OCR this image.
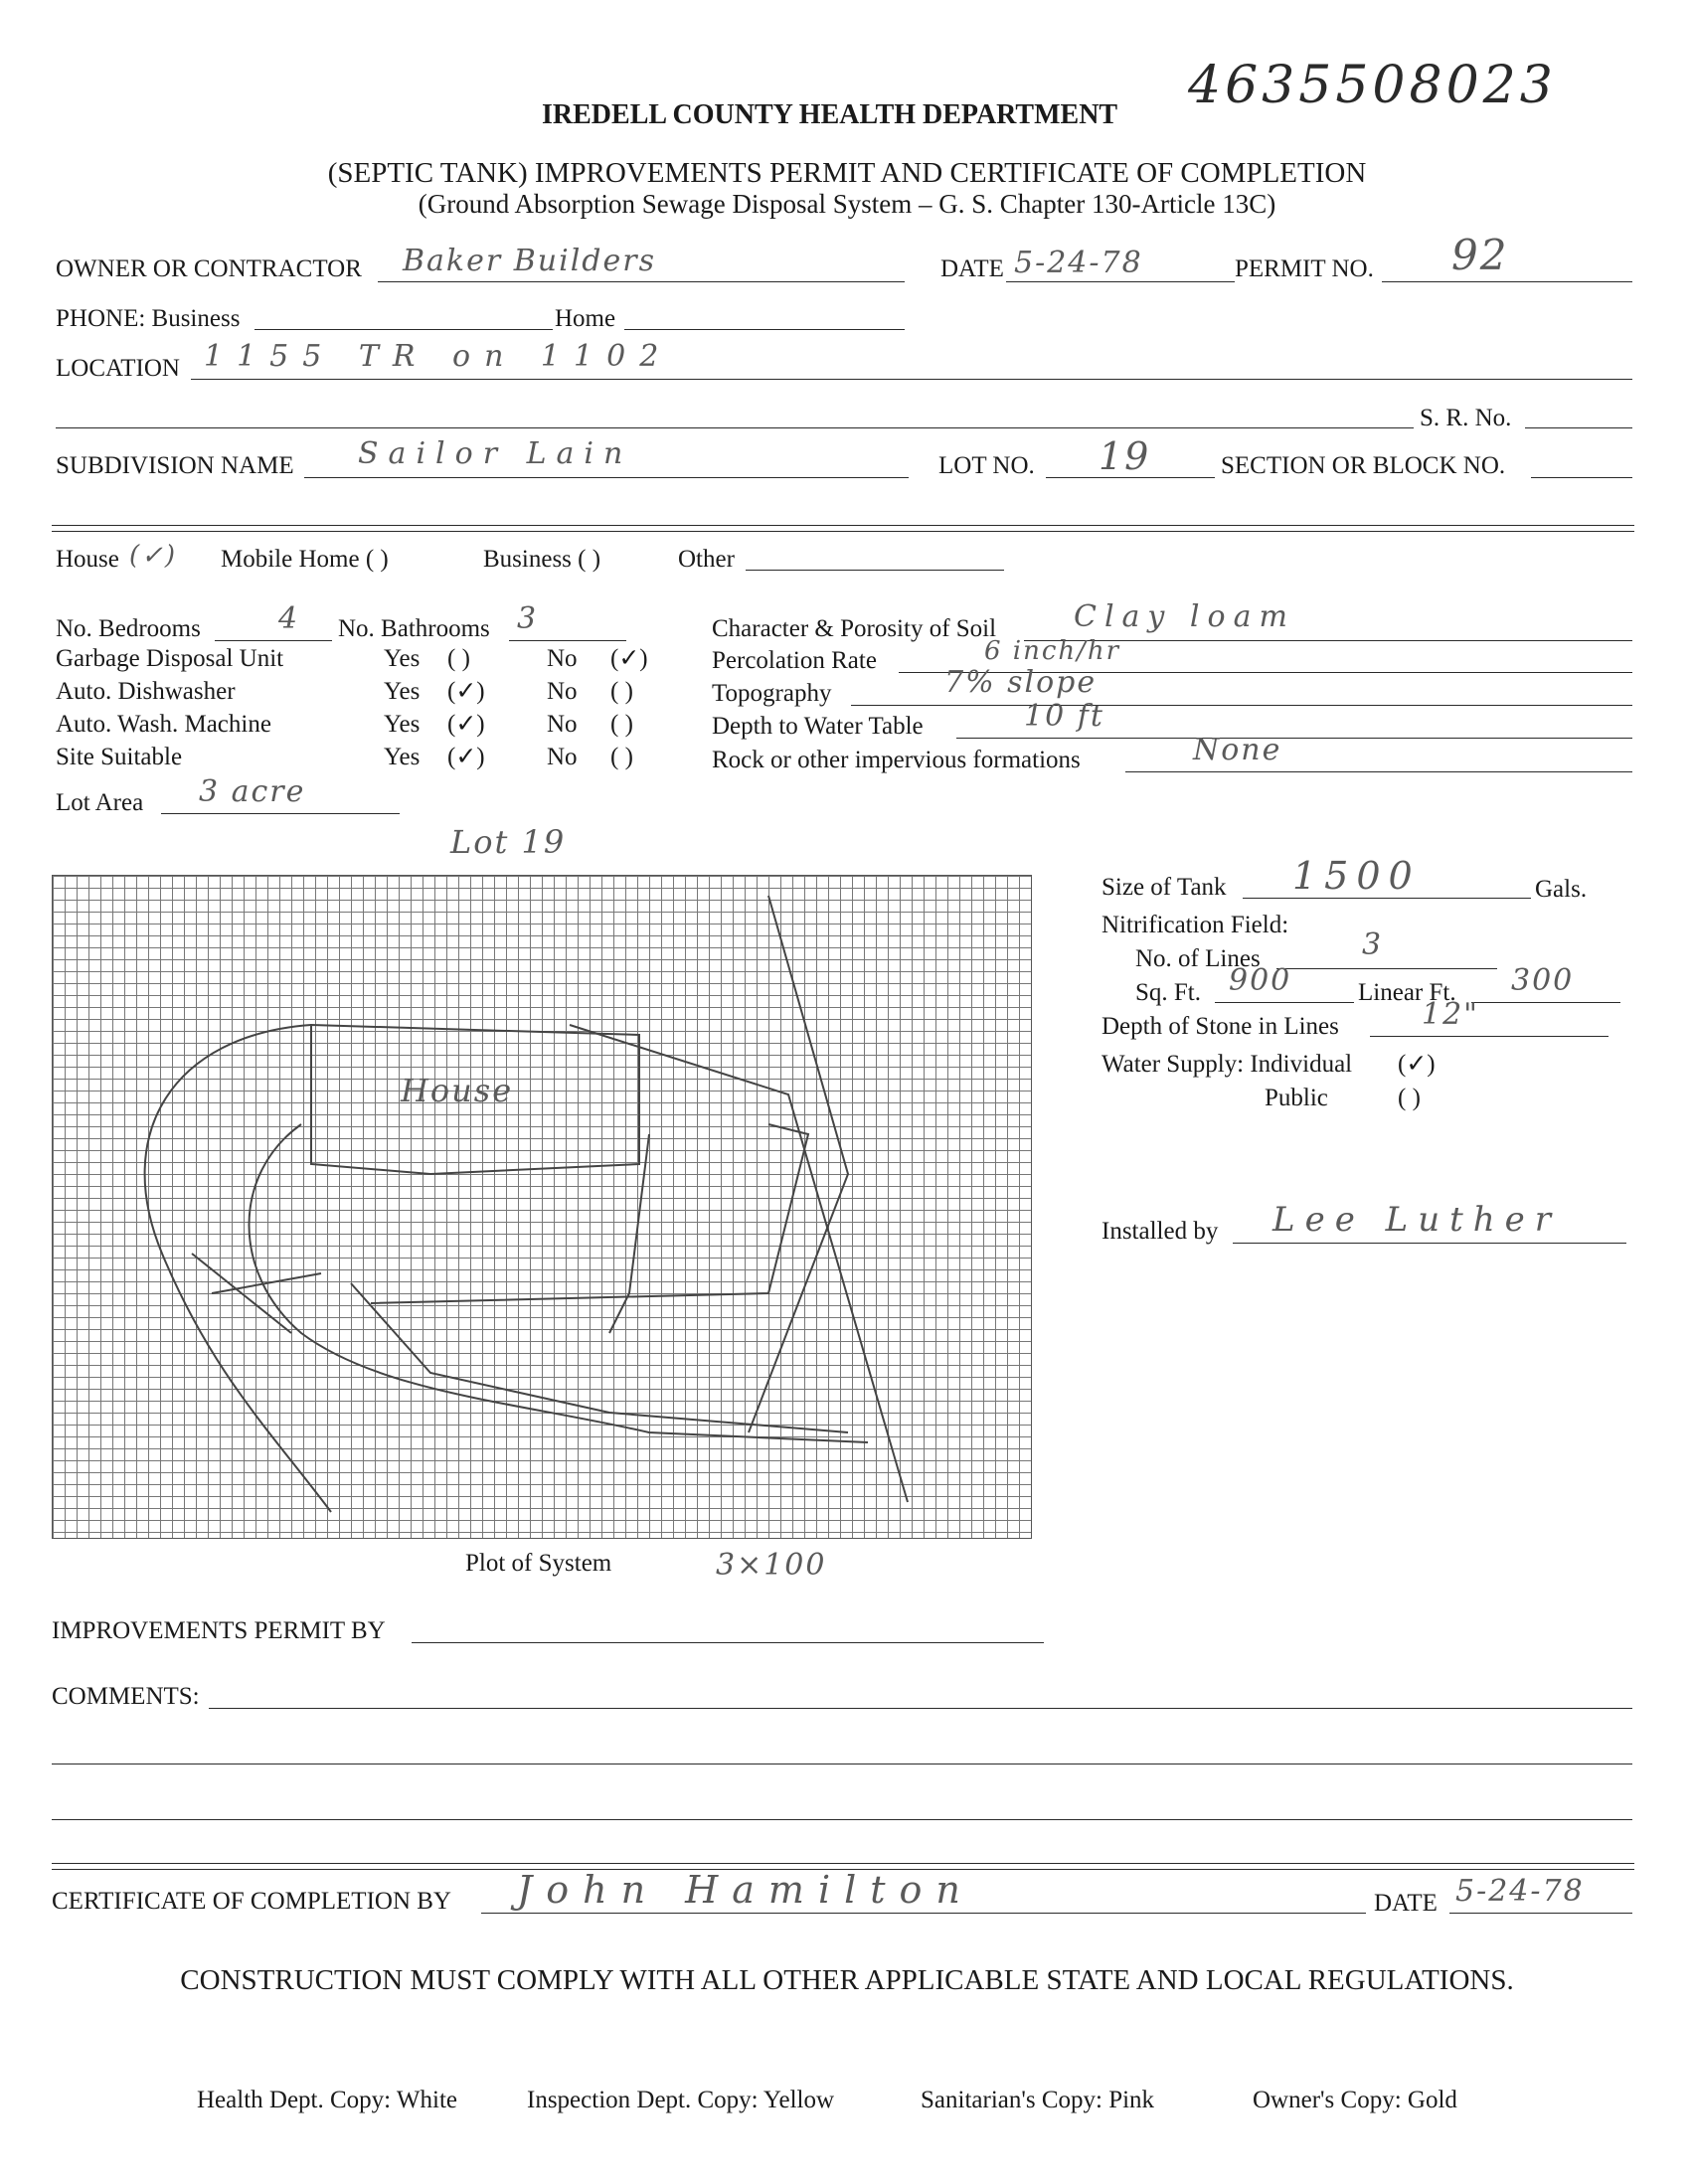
4635508023
IREDELL COUNTY HEALTH DEPARTMENT
(SEPTIC TANK) IMPROVEMENTS PERMIT AND CERTIFICATE OF COMPLETION
(Ground Absorption Sewage Disposal System – G. S. Chapter 130-Article 13C)
OWNER OR CONTRACTOR Baker Builders	DATE 5-24-78	PERMIT NO. 92
PHONE: Business	Home
LOCATION 1155 TR on 1102
S. R. No.
SUBDIVISION NAME Sailor Lain	LOT NO. 19	SECTION OR BLOCK NO.
House (✓) Mobile Home ( )	Business ( )	Other
No. Bedrooms	4 No. Bathrooms 3
Garbage Disposal Unit	Yes ( )	No (✓)
Auto. Dishwasher	Yes (✓) No ( )
Auto. Wash. Machine	Yes (✓) No ( )
Site Suitable	Yes (✓) No ( )
Lot Area 3 acre
Character & Porosity of Soil	Clay loam
Percolation Rate	6 inch/hr
Topography	7% slope
Depth to Water Table	10 ft
Rock or other impervious formations	None
Lot 19
House
Plot of System	3×100
Size of Tank 1500	Gals.
Nitrification Field:
No. of Lines	3
Sq. Ft. 900	Linear Ft. 300
Depth of Stone in Lines	12"
Water Supply: Individual (✓)
Public	( )
Installed by Lee Luther
IMPROVEMENTS PERMIT BY
COMMENTS:
CERTIFICATE OF COMPLETION BY John Hamilton	DATE 5-24-78
CONSTRUCTION MUST COMPLY WITH ALL OTHER APPLICABLE STATE AND LOCAL REGULATIONS.
Health Dept. Copy: White	Inspection Dept. Copy: Yellow	Sanitarian's Copy: Pink	Owner's Copy: Gold
